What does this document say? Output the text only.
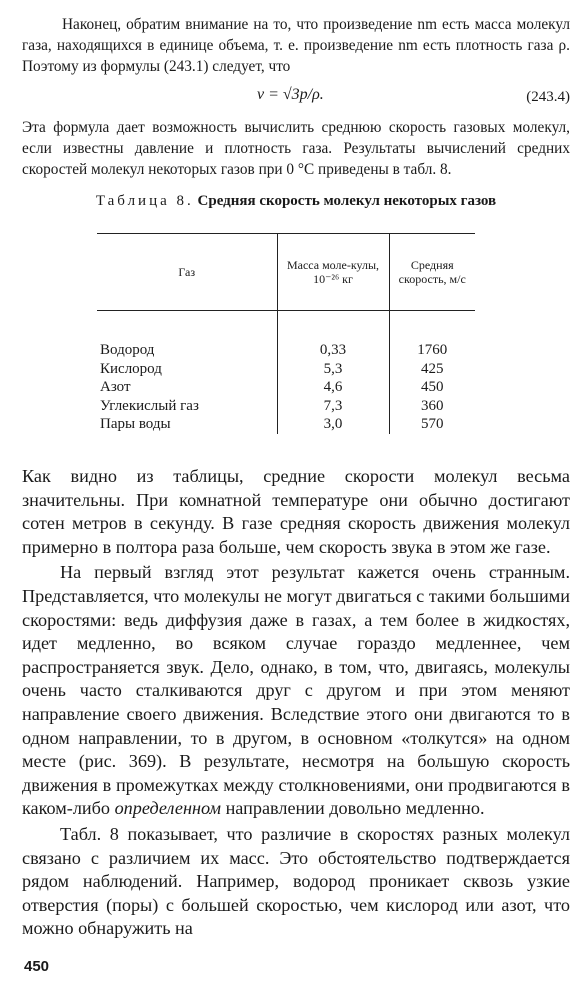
Наконец, обратим внимание на то, что произведение nm есть масса молекул газа, находящихся в единице объема, т. е. произведение nm есть плотность газа ρ. Поэтому из формулы (243.1) следует, что

v = √3p/ρ.	(243.4)

Эта формула дает возможность вычислить среднюю скорость газовых молекул, если известны давление и плотность газа. Результаты вычислений средних скоростей молекул некоторых газов при 0 °С приведены в табл. 8.

Таблица 8. Средняя скорость молекул некоторых газов
Газ	Масса моле-кулы, 10⁻²⁶ кг	Средняя скорость, м/с
Водород	0,33	1760
Кислород	5,3	425
Азот	4,6	450
Углекислый газ	7,3	360
Пары воды	3,0	570

Как видно из таблицы, средние скорости молекул весьма значительны. При комнатной температуре они обычно достигают сотен метров в секунду. В газе средняя скорость движения молекул примерно в полтора раза больше, чем скорость звука в этом же газе.

На первый взгляд этот результат кажется очень странным. Представляется, что молекулы не могут двигаться с такими большими скоростями: ведь диффузия даже в газах, а тем более в жидкостях, идет медленно, во всяком случае гораздо медленнее, чем распространяется звук. Дело, однако, в том, что, двигаясь, молекулы очень часто сталкиваются друг с другом и при этом меняют направление своего движения. Вследствие этого они двигаются то в одном направлении, то в другом, в основном «толкутся» на одном месте (рис. 369). В результате, несмотря на большую скорость движения в промежутках между столкновениями, они продвигаются в каком-либо определенном направлении довольно медленно.

Табл. 8 показывает, что различие в скоростях разных молекул связано с различием их масс. Это обстоятельство подтверждается рядом наблюдений. Например, водород проникает сквозь узкие отверстия (поры) с большей скоростью, чем кислород или азот, что можно обнаружить на

450
